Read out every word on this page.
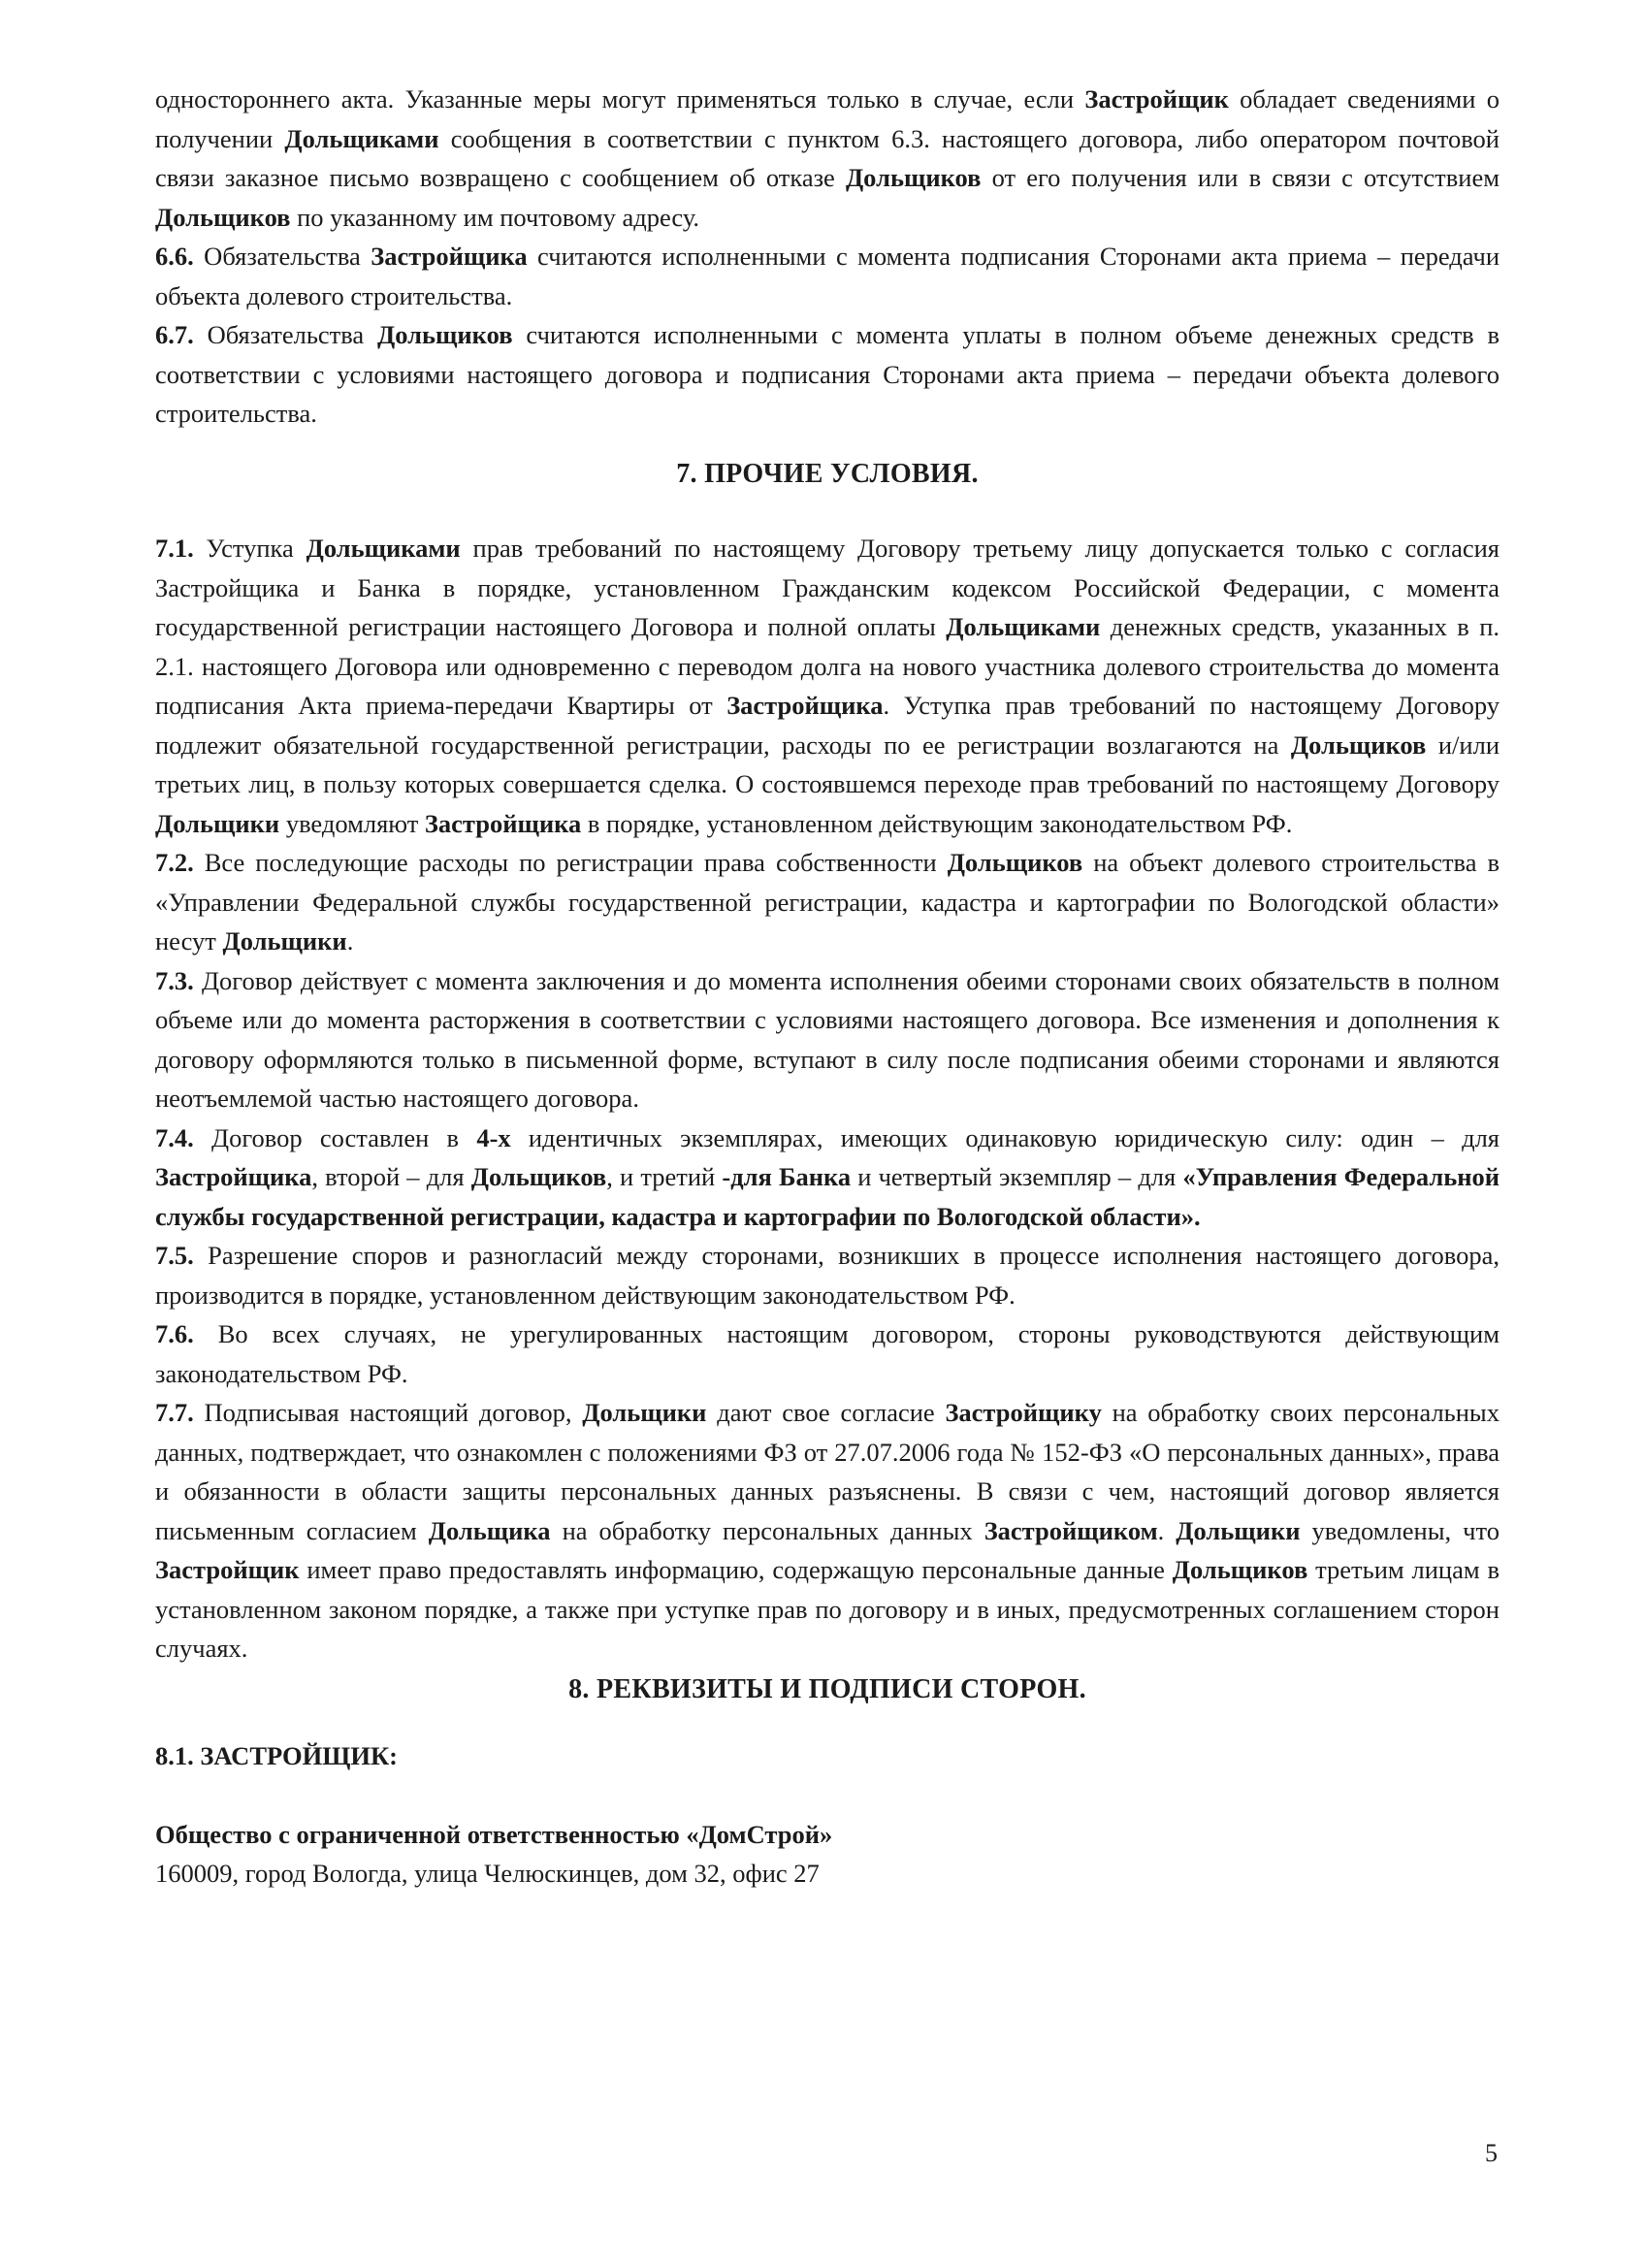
одностороннего акта. Указанные меры могут применяться только в случае, если Застройщик обладает сведениями о получении Дольщиками сообщения в соответствии с пунктом 6.3. настоящего договора, либо оператором почтовой связи заказное письмо возвращено с сообщением об отказе Дольщиков от его получения или в связи с отсутствием Дольщиков по указанному им почтовому адресу.

6.6. Обязательства Застройщика считаются исполненными с момента подписания Сторонами акта приема – передачи объекта долевого строительства.

6.7. Обязательства Дольщиков считаются исполненными с момента уплаты в полном объеме денежных средств в соответствии с условиями настоящего договора и подписания Сторонами акта приема – передачи объекта долевого строительства.

7. ПРОЧИЕ УСЛОВИЯ.

7.1. Уступка Дольщиками прав требований по настоящему Договору третьему лицу допускается только с согласия Застройщика и Банка в порядке, установленном Гражданским кодексом Российской Федерации, с момента государственной регистрации настоящего Договора и полной оплаты Дольщиками денежных средств, указанных в п. 2.1. настоящего Договора или одновременно с переводом долга на нового участника долевого строительства до момента подписания Акта приема-передачи Квартиры от Застройщика. Уступка прав требований по настоящему Договору подлежит обязательной государственной регистрации, расходы по ее регистрации возлагаются на Дольщиков и/или третьих лиц, в пользу которых совершается сделка. О состоявшемся переходе прав требований по настоящему Договору Дольщики уведомляют Застройщика в порядке, установленном действующим законодательством РФ.

7.2. Все последующие расходы по регистрации права собственности Дольщиков на объект долевого строительства в «Управлении Федеральной службы государственной регистрации, кадастра и картографии по Вологодской области» несут Дольщики.

7.3. Договор действует с момента заключения и до момента исполнения обеими сторонами своих обязательств в полном объеме или до момента расторжения в соответствии с условиями настоящего договора. Все изменения и дополнения к договору оформляются только в письменной форме, вступают в силу после подписания обеими сторонами и являются неотъемлемой частью настоящего договора.

7.4. Договор составлен в 4-х идентичных экземплярах, имеющих одинаковую юридическую силу: один – для Застройщика, второй – для Дольщиков, и третий -для Банка и четвертый экземпляр – для «Управления Федеральной службы государственной регистрации, кадастра и картографии по Вологодской области».

7.5. Разрешение споров и разногласий между сторонами, возникших в процессе исполнения настоящего договора, производится в порядке, установленном действующим законодательством РФ.

7.6. Во всех случаях, не урегулированных настоящим договором, стороны руководствуются действующим законодательством РФ.

7.7. Подписывая настоящий договор, Дольщики дают свое согласие Застройщику на обработку своих персональных данных, подтверждает, что ознакомлен с положениями ФЗ от 27.07.2006 года № 152-ФЗ «О персональных данных», права и обязанности в области защиты персональных данных разъяснены. В связи с чем, настоящий договор является письменным согласием Дольщика на обработку персональных данных Застройщиком. Дольщики уведомлены, что Застройщик имеет право предоставлять информацию, содержащую персональные данные Дольщиков третьим лицам в установленном законом порядке, а также при уступке прав по договору и в иных, предусмотренных соглашением сторон случаях.

8. РЕКВИЗИТЫ И ПОДПИСИ СТОРОН.

8.1. ЗАСТРОЙЩИК:

Общество с ограниченной ответственностью «ДомСтрой»

160009, город Вологда, улица Челюскинцев, дом 32, офис 27

5
